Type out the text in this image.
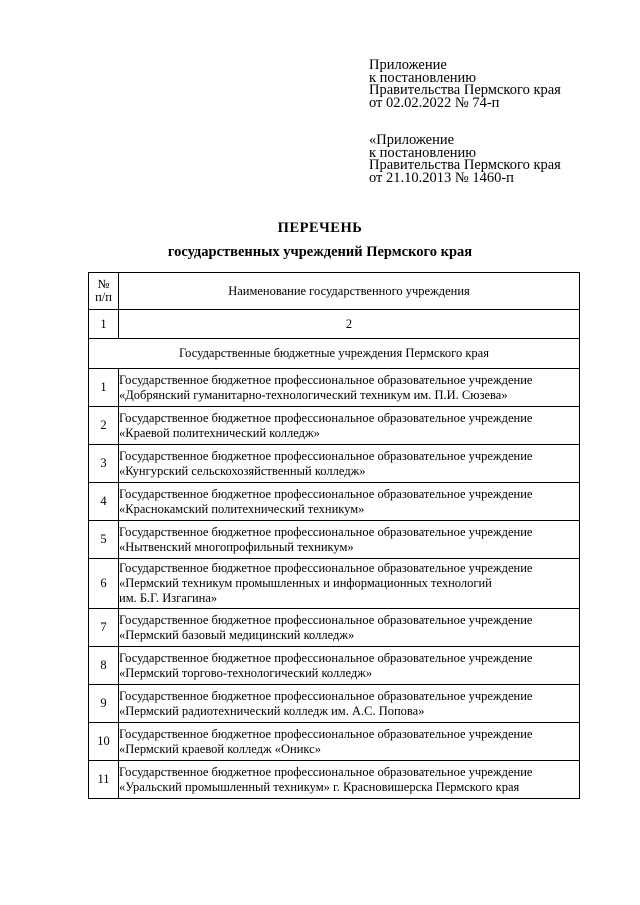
Приложение
к постановлению
Правительства Пермского края
от 02.02.2022 № 74-п
«Приложение
к постановлению
Правительства Пермского края
от 21.10.2013 № 1460-п
ПЕРЕЧЕНЬ
государственных учреждений Пермского края
№
п/п	Наименование государственного учреждения
1	2
Государственные бюджетные учреждения Пермского края	
1	Государственное бюджетное профессиональное образовательное учреждение
«Добрянский гуманитарно-технологический техникум им. П.И. Сюзева»

2	Государственное бюджетное профессиональное образовательное учреждение
«Краевой политехнический колледж»

3	Государственное бюджетное профессиональное образовательное учреждение
«Кунгурский сельскохозяйственный колледж»

4	Государственное бюджетное профессиональное образовательное учреждение
«Краснокамский политехнический техникум»

5	Государственное бюджетное профессиональное образовательное учреждение
«Нытвенский многопрофильный техникум»

6	Государственное бюджетное профессиональное образовательное учреждение
«Пермский техникум промышленных и информационных технологий
им. Б.Г. Изгагина»

7	Государственное бюджетное профессиональное образовательное учреждение
«Пермский базовый медицинский колледж»

8	Государственное бюджетное профессиональное образовательное учреждение
«Пермский торгово-технологический колледж»

9	Государственное бюджетное профессиональное образовательное учреждение
«Пермский радиотехнический колледж им. А.С. Попова»

10	Государственное бюджетное профессиональное образовательное учреждение
«Пермский краевой колледж «Оникс»

11	Государственное бюджетное профессиональное образовательное учреждение
«Уральский промышленный техникум» г. Красновишерска Пермского края
